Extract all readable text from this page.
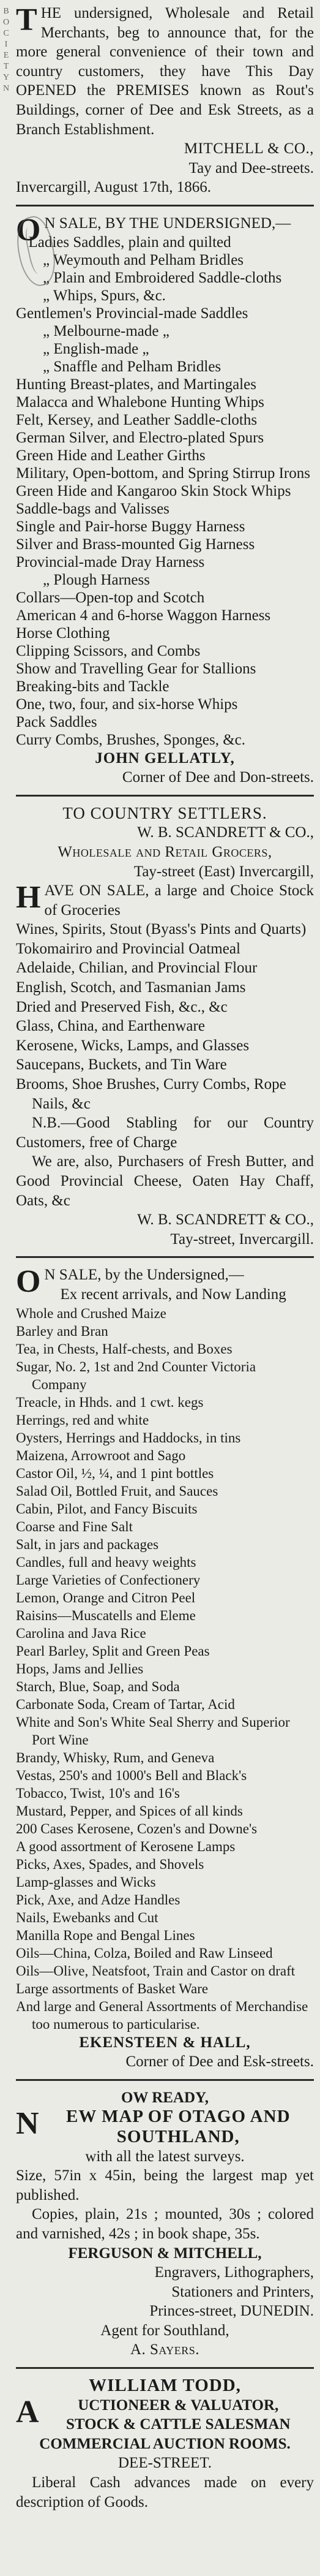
B
O
C
I
E
T
Y
N

T HE undersigned, Wholesale and Retail Merchants, beg to announce that, for the more general convenience of their town and country customers, they have This Day OPENED the PREMISES known as Rout's Buildings, corner of Dee and Esk Streets, as a Branch Establishment.

MITCHELL & CO.,

Tay and Dee-streets.

Invercargill, August 17th, 1866.

O N SALE, BY THE UNDERSIGNED,—

Ladies Saddles, plain and quilted

„ Weymouth and Pelham Bridles

„ Plain and Embroidered Saddle-cloths

„ Whips, Spurs, &c.

Gentlemen's Provincial-made Saddles

„ Melbourne-made „

„ English-made „

„ Snaffle and Pelham Bridles

Hunting Breast-plates, and Martingales

Malacca and Whalebone Hunting Whips

Felt, Kersey, and Leather Saddle-cloths

German Silver, and Electro-plated Spurs

Green Hide and Leather Girths

Military, Open-bottom, and Spring Stirrup Irons

Green Hide and Kangaroo Skin Stock Whips

Saddle-bags and Valisses

Single and Pair-horse Buggy Harness

Silver and Brass-mounted Gig Harness

Provincial-made Dray Harness

„ Plough Harness

Collars—Open-top and Scotch

American 4 and 6-horse Waggon Harness

Horse Clothing

Clipping Scissors, and Combs

Show and Travelling Gear for Stallions

Breaking-bits and Tackle

One, two, four, and six-horse Whips

Pack Saddles

Curry Combs, Brushes, Sponges, &c.

JOHN GELLATLY,

Corner of Dee and Don-streets.

TO COUNTRY SETTLERS.

W. B. SCANDRETT & CO.,

Wholesale and Retail Grocers,

Tay-street (East) Invercargill,

H AVE ON SALE, a large and Choice Stock of Groceries

Wines, Spirits, Stout (Byass's Pints and Quarts)

Tokomairiro and Provincial Oatmeal

Adelaide, Chilian, and Provincial Flour

English, Scotch, and Tasmanian Jams

Dried and Preserved Fish, &c., &c

Glass, China, and Earthenware

Kerosene, Wicks, Lamps, and Glasses

Saucepans, Buckets, and Tin Ware

Brooms, Shoe Brushes, Curry Combs, Rope Nails, &c

N.B.—Good Stabling for our Country Customers, free of Charge

We are, also, Purchasers of Fresh Butter, and Good Provincial Cheese, Oaten Hay Chaff, Oats, &c

W. B. SCANDRETT & CO.,

Tay-street, Invercargill.

O N SALE, by the Undersigned,—

Ex recent arrivals, and Now Landing

Whole and Crushed Maize

Barley and Bran

Tea, in Chests, Half-chests, and Boxes

Sugar, No. 2, 1st and 2nd Counter Victoria Company

Treacle, in Hhds. and 1 cwt. kegs

Herrings, red and white

Oysters, Herrings and Haddocks, in tins

Maizena, Arrowroot and Sago

Castor Oil, ½, ¼, and 1 pint bottles

Salad Oil, Bottled Fruit, and Sauces

Cabin, Pilot, and Fancy Biscuits

Coarse and Fine Salt

Salt, in jars and packages

Candles, full and heavy weights

Large Varieties of Confectionery

Lemon, Orange and Citron Peel

Raisins—Muscatells and Eleme

Carolina and Java Rice

Pearl Barley, Split and Green Peas

Hops, Jams and Jellies

Starch, Blue, Soap, and Soda

Carbonate Soda, Cream of Tartar, Acid

White and Son's White Seal Sherry and Superior Port Wine

Brandy, Whisky, Rum, and Geneva

Vestas, 250's and 1000's Bell and Black's

Tobacco, Twist, 10's and 16's

Mustard, Pepper, and Spices of all kinds

200 Cases Kerosene, Cozen's and Downe's

A good assortment of Kerosene Lamps

Picks, Axes, Spades, and Shovels

Lamp-glasses and Wicks

Pick, Axe, and Adze Handles

Nails, Ewebanks and Cut

Manilla Rope and Bengal Lines

Oils—China, Colza, Boiled and Raw Linseed

Oils—Olive, Neatsfoot, Train and Castor on draft

Large assortments of Basket Ware

And large and General Assortments of Merchandise too numerous to particularise.

EKENSTEEN & HALL,

Corner of Dee and Esk-streets.

OW READY,

N EW MAP OF OTAGO AND

SOUTHLAND,

with all the latest surveys.

Size, 57in x 45in, being the largest map yet published.

Copies, plain, 21s ; mounted, 30s ; colored and varnished, 42s ; in book shape, 35s.

FERGUSON & MITCHELL,

Engravers, Lithographers,

Stationers and Printers,

Princes-street, DUNEDIN.

Agent for Southland,

A. Sayers.

WILLIAM TODD,

A	UCTIONEER & VALUATOR,

STOCK & CATTLE SALESMAN

COMMERCIAL AUCTION ROOMS.

DEE-STREET.

Liberal Cash advances made on every description of Goods.
